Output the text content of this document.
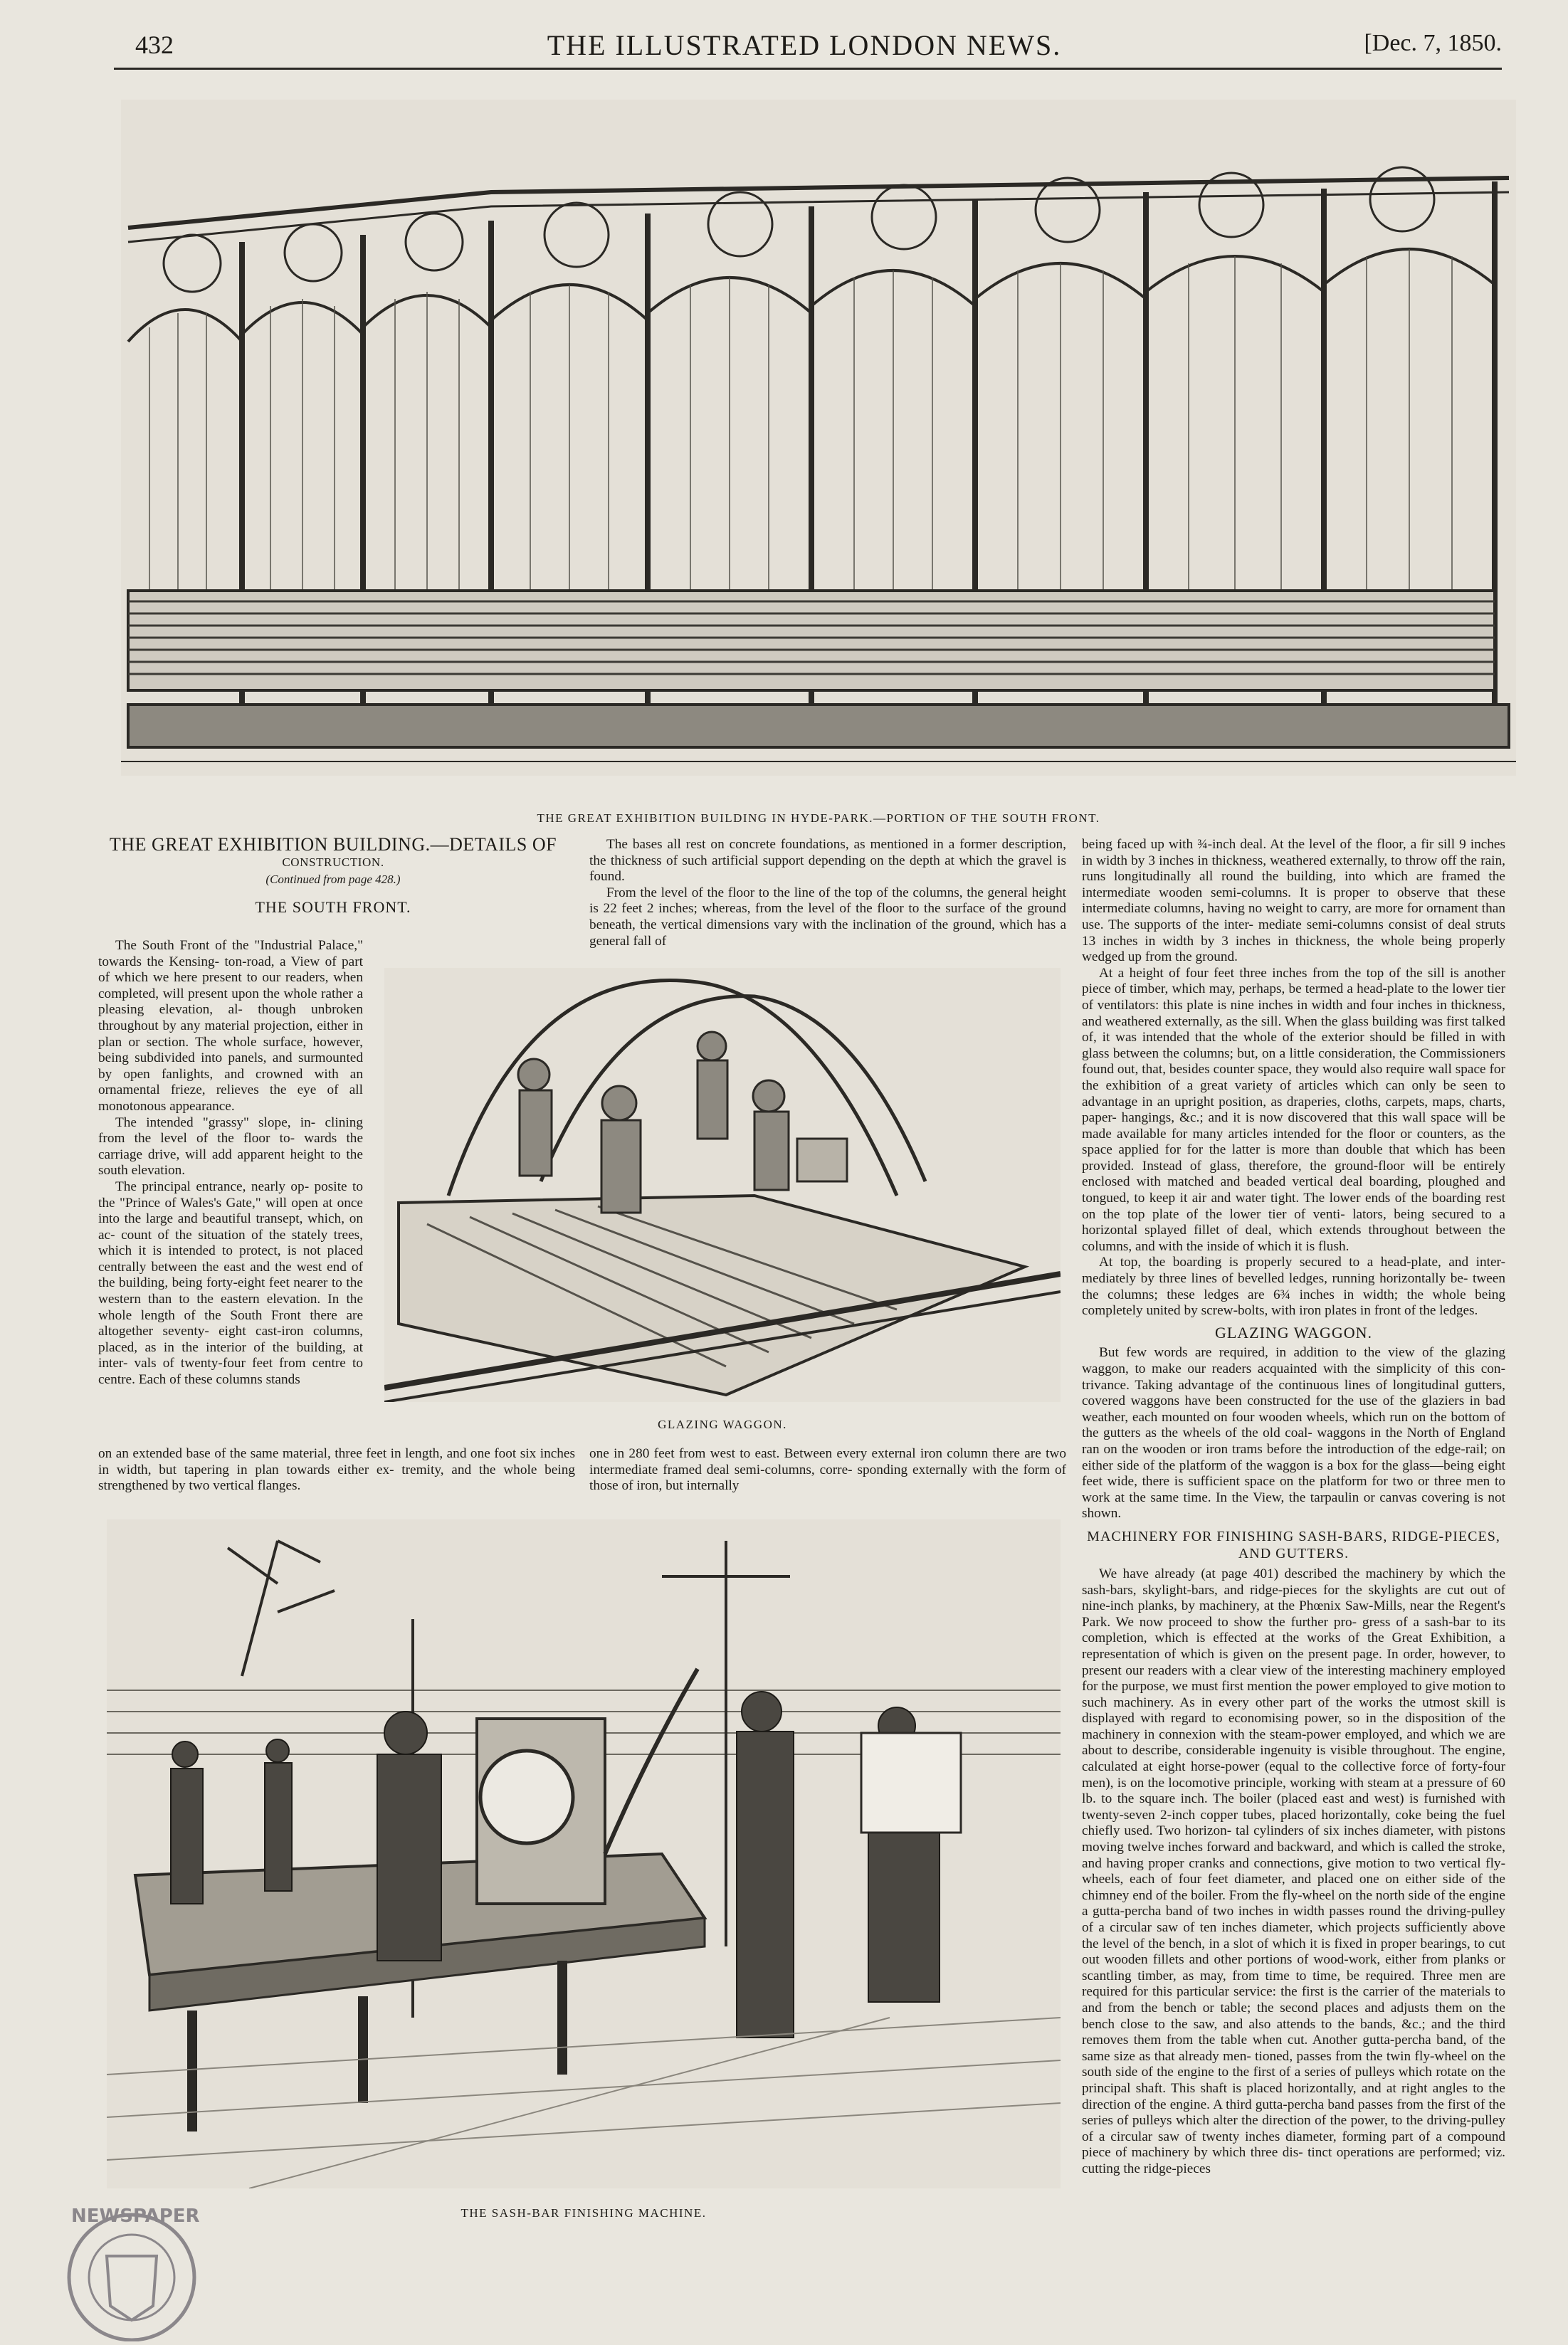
432	THE ILLUSTRATED LONDON NEWS.	[Dec. 7, 1850.
THE GREAT EXHIBITION BUILDING IN HYDE-PARK.—PORTION OF THE SOUTH FRONT.
THE GREAT EXHIBITION BUILDING.—DETAILS OF

CONSTRUCTION.

(Continued from page 428.)

THE SOUTH FRONT.

The South Front of the "Industrial Palace," towards the Kensing- ton-road, a View of part of which we here present to our readers, when completed, will present upon the whole rather a pleasing elevation, al- though unbroken throughout by any material projection, either in plan or section. The whole surface, however, being subdivided into panels, and surmounted by open fanlights, and crowned with an ornamental frieze, relieves the eye of all monotonous appearance.

The intended "grassy" slope, in- clining from the level of the floor to- wards the carriage drive, will add apparent height to the south elevation.

The principal entrance, nearly op- posite to the "Prince of Wales's Gate," will open at once into the large and beautiful transept, which, on ac- count of the situation of the stately trees, which it is intended to protect, is not placed centrally between the east and the west end of the building, being forty-eight feet nearer to the western than to the eastern elevation. In the whole length of the South Front there are altogether seventy- eight cast-iron columns, placed, as in the interior of the building, at inter- vals of twenty-four feet from centre to centre. Each of these columns stands

on an extended base of the same material, three feet in length, and one foot six inches in width, but tapering in plan towards either ex- tremity, and the whole being strengthened by two vertical flanges.

The bases all rest on concrete foundations, as mentioned in a former description, the thickness of such artificial support depending on the depth at which the gravel is found.

From the level of the floor to the line of the top of the columns, the general height is 22 feet 2 inches; whereas, from the level of the floor to the surface of the ground beneath, the vertical dimensions vary with the inclination of the ground, which has a general fall of

GLAZING WAGGON.

one in 280 feet from west to east. Between every external iron column there are two intermediate framed deal semi-columns, corre- sponding externally with the form of those of iron, but internally

being faced up with ¾-inch deal. At the level of the floor, a fir sill 9 inches in width by 3 inches in thickness, weathered externally, to throw off the rain, runs longitudinally all round the building, into which are framed the intermediate wooden semi-columns. It is proper to observe that these intermediate columns, having no weight to carry, are more for ornament than use. The supports of the inter- mediate semi-columns consist of deal struts 13 inches in width by 3 inches in thickness, the whole being properly wedged up from the ground.

At a height of four feet three inches from the top of the sill is another piece of timber, which may, perhaps, be termed a head-plate to the lower tier of ventilators: this plate is nine inches in width and four inches in thickness, and weathered externally, as the sill. When the glass building was first talked of, it was intended that the whole of the exterior should be filled in with glass between the columns; but, on a little consideration, the Commissioners found out, that, besides counter space, they would also require wall space for the exhibition of a great variety of articles which can only be seen to advantage in an upright position, as draperies, cloths, carpets, maps, charts, paper- hangings, &c.; and it is now discovered that this wall space will be made available for many articles intended for the floor or counters, as the space applied for for the latter is more than double that which has been provided. Instead of glass, therefore, the ground-floor will be entirely enclosed with matched and beaded vertical deal boarding, ploughed and tongued, to keep it air and water tight. The lower ends of the boarding rest on the top plate of the lower tier of venti- lators, being secured to a horizontal splayed fillet of deal, which extends throughout between the columns, and with the inside of which it is flush.

At top, the boarding is properly secured to a head-plate, and inter- mediately by three lines of bevelled ledges, running horizontally be- tween the columns; these ledges are 6¾ inches in width; the whole being completely united by screw-bolts, with iron plates in front of the ledges.

GLAZING WAGGON.

But few words are required, in addition to the view of the glazing waggon, to make our readers acquainted with the simplicity of this con- trivance. Taking advantage of the continuous lines of longitudinal gutters, covered waggons have been constructed for the use of the glaziers in bad weather, each mounted on four wooden wheels, which run on the bottom of the gutters as the wheels of the old coal- waggons in the North of England ran on the wooden or iron trams before the introduction of the edge-rail; on either side of the platform of the waggon is a box for the glass—being eight feet wide, there is sufficient space on the platform for two or three men to work at the same time. In the View, the tarpaulin or canvas covering is not shown.

MACHINERY FOR FINISHING SASH-BARS, RIDGE-PIECES, AND GUTTERS.

We have already (at page 401) described the machinery by which the sash-bars, skylight-bars, and ridge-pieces for the skylights are cut out of nine-inch planks, by machinery, at the Phœnix Saw-Mills, near the Regent's Park. We now proceed to show the further pro- gress of a sash-bar to its completion, which is effected at the works of the Great Exhibition, a representation of which is given on the present page. In order, however, to present our readers with a clear view of the interesting machinery employed for the purpose, we must first mention the power employed to give motion to such machinery. As in every other part of the works the utmost skill is displayed with regard to economising power, so in the disposition of the machinery in connexion with the steam-power employed, and which we are about to describe, considerable ingenuity is visible throughout. The engine, calculated at eight horse-power (equal to the collective force of forty-four men), is on the locomotive principle, working with steam at a pressure of 60 lb. to the square inch. The boiler (placed east and west) is furnished with twenty-seven 2-inch copper tubes, placed horizontally, coke being the fuel chiefly used. Two horizon- tal cylinders of six inches diameter, with pistons moving twelve inches forward and backward, and which is called the stroke, and having proper cranks and connections, give motion to two vertical fly-wheels, each of four feet diameter, and placed one on either side of the chimney end of the boiler. From the fly-wheel on the north side of the engine a gutta-percha band of two inches in width passes round the driving-pulley of a circular saw of ten inches diameter, which projects sufficiently above the level of the bench, in a slot of which it is fixed in proper bearings, to cut out wooden fillets and other portions of wood-work, either from planks or scantling timber, as may, from time to time, be required. Three men are required for this particular service: the first is the carrier of the materials to and from the bench or table; the second places and adjusts them on the bench close to the saw, and also attends to the bands, &c.; and the third removes them from the table when cut. Another gutta-percha band, of the same size as that already men- tioned, passes from the twin fly-wheel on the south side of the engine to the first of a series of pulleys which rotate on the principal shaft. This shaft is placed horizontally, and at right angles to the direction of the engine. A third gutta-percha band passes from the first of the series of pulleys which alter the direction of the power, to the driving-pulley of a circular saw of twenty inches diameter, forming part of a compound piece of machinery by which three dis- tinct operations are performed; viz. cutting the ridge-pieces

THE SASH-BAR FINISHING MACHINE.
NEWSPAPER
